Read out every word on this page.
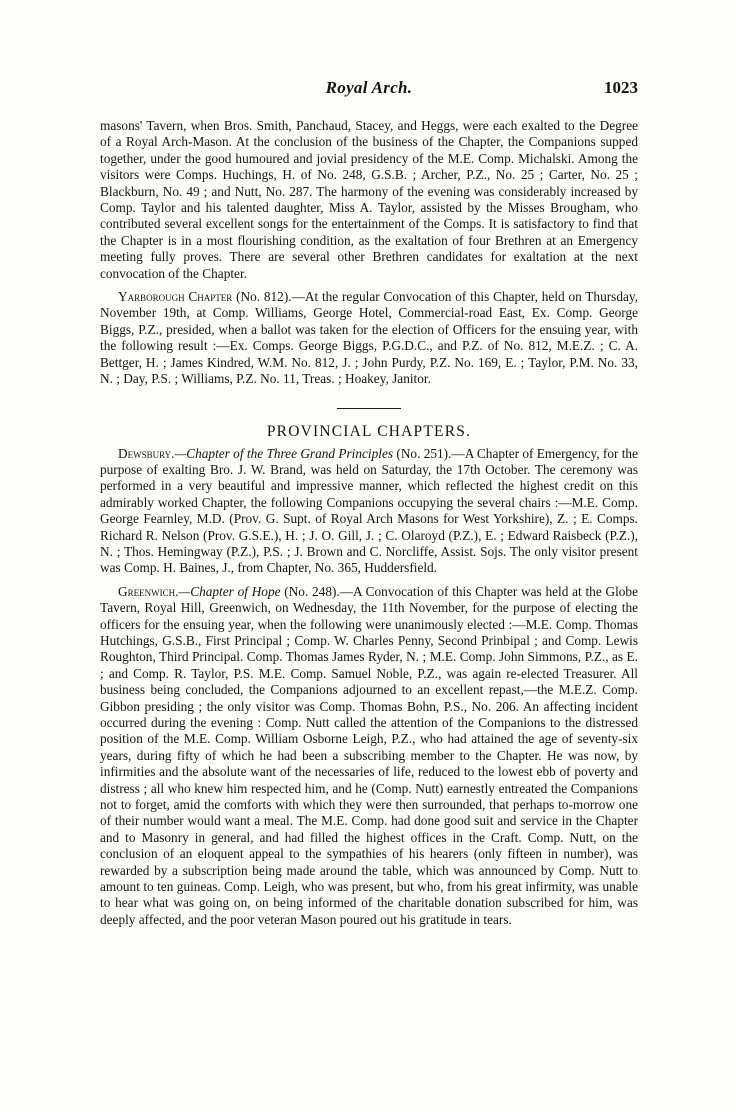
Royal Arch.	1023

masons' Tavern, when Bros. Smith, Panchaud, Stacey, and Heggs, were each exalted to the Degree of a Royal Arch-Mason. At the conclusion of the business of the Chapter, the Companions supped together, under the good humoured and jovial presidency of the M.E. Comp. Michalski. Among the visitors were Comps. Huchings, H. of No. 248, G.S.B. ; Archer, P.Z., No. 25 ; Carter, No. 25 ; Blackburn, No. 49 ; and Nutt, No. 287. The harmony of the evening was considerably increased by Comp. Taylor and his talented daughter, Miss A. Taylor, assisted by the Misses Brougham, who contributed several excellent songs for the entertainment of the Comps. It is satisfactory to find that the Chapter is in a most flourishing condition, as the exaltation of four Brethren at an Emergency meeting fully proves. There are several other Brethren candidates for exaltation at the next convocation of the Chapter.

Yarborough Chapter (No. 812).—At the regular Convocation of this Chapter, held on Thursday, November 19th, at Comp. Williams, George Hotel, Commercial-road East, Ex. Comp. George Biggs, P.Z., presided, when a ballot was taken for the election of Officers for the ensuing year, with the following result :—Ex. Comps. George Biggs, P.G.D.C., and P.Z. of No. 812, M.E.Z. ; C. A. Bettger, H. ; James Kindred, W.M. No. 812, J. ; John Purdy, P.Z. No. 169, E. ; Taylor, P.M. No. 33, N. ; Day, P.S. ; Williams, P.Z. No. 11, Treas. ; Hoakey, Janitor.

PROVINCIAL CHAPTERS.

Dewsbury.—Chapter of the Three Grand Principles (No. 251).—A Chapter of Emergency, for the purpose of exalting Bro. J. W. Brand, was held on Saturday, the 17th October. The ceremony was performed in a very beautiful and impressive manner, which reflected the highest credit on this admirably worked Chapter, the following Companions occupying the several chairs :—M.E. Comp. George Fearnley, M.D. (Prov. G. Supt. of Royal Arch Masons for West Yorkshire), Z. ; E. Comps. Richard R. Nelson (Prov. G.S.E.), H. ; J. O. Gill, J. ; C. Olaroyd (P.Z.), E. ; Edward Raisbeck (P.Z.), N. ; Thos. Hemingway (P.Z.), P.S. ; J. Brown and C. Norcliffe, Assist. Sojs. The only visitor present was Comp. H. Baines, J., from Chapter, No. 365, Huddersfield.

Greenwich.—Chapter of Hope (No. 248).—A Convocation of this Chapter was held at the Globe Tavern, Royal Hill, Greenwich, on Wednesday, the 11th November, for the purpose of electing the officers for the ensuing year, when the following were unanimously elected :—M.E. Comp. Thomas Hutchings, G.S.B., First Principal ; Comp. W. Charles Penny, Second Prinbipal ; and Comp. Lewis Roughton, Third Principal. Comp. Thomas James Ryder, N. ; M.E. Comp. John Simmons, P.Z., as E. ; and Comp. R. Taylor, P.S. M.E. Comp. Samuel Noble, P.Z., was again re-elected Treasurer. All business being concluded, the Companions adjourned to an excellent repast,—the M.E.Z. Comp. Gibbon presiding ; the only visitor was Comp. Thomas Bohn, P.S., No. 206. An affecting incident occurred during the evening : Comp. Nutt called the attention of the Companions to the distressed position of the M.E. Comp. William Osborne Leigh, P.Z., who had attained the age of seventy-six years, during fifty of which he had been a subscribing member to the Chapter. He was now, by infirmities and the absolute want of the necessaries of life, reduced to the lowest ebb of poverty and distress ; all who knew him respected him, and he (Comp. Nutt) earnestly entreated the Companions not to forget, amid the comforts with which they were then surrounded, that perhaps to-morrow one of their number would want a meal. The M.E. Comp. had done good suit and service in the Chapter and to Masonry in general, and had filled the highest offices in the Craft. Comp. Nutt, on the conclusion of an eloquent appeal to the sympathies of his hearers (only fifteen in number), was rewarded by a subscription being made around the table, which was announced by Comp. Nutt to amount to ten guineas. Comp. Leigh, who was present, but who, from his great infirmity, was unable to hear what was going on, on being informed of the charitable donation subscribed for him, was deeply affected, and the poor veteran Mason poured out his gratitude in tears.
